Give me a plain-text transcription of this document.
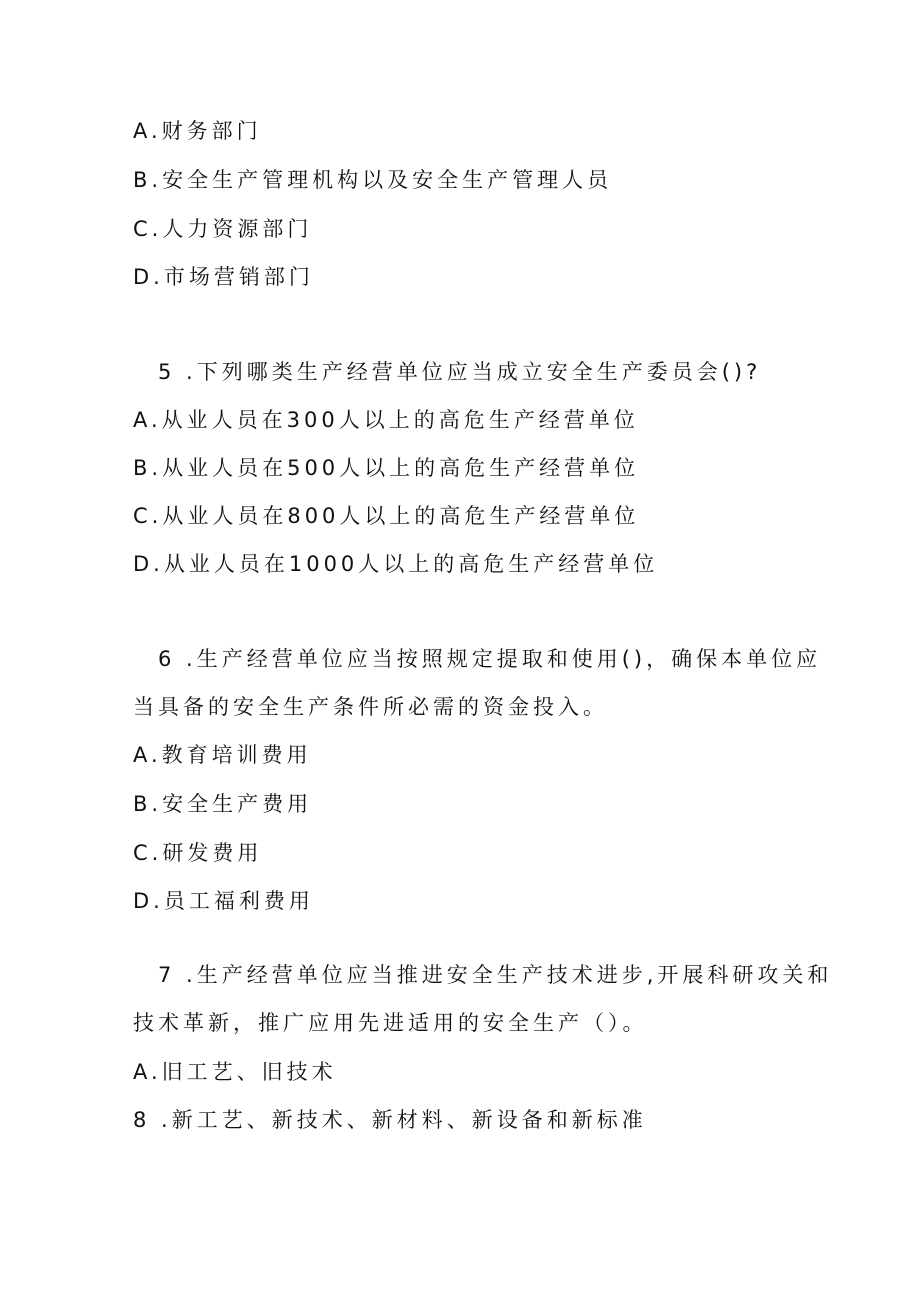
A.财务部门
B.安全生产管理机构以及安全生产管理人员
C.人力资源部门
D.市场营销部门
5 .下列哪类生产经营单位应当成立安全生产委员会()?
A.从业人员在300人以上的高危生产经营单位
B.从业人员在500人以上的高危生产经营单位
C.从业人员在800人以上的高危生产经营单位
D.从业人员在1000人以上的高危生产经营单位
6 .生产经营单位应当按照规定提取和使用()，确保本单位应
当具备的安全生产条件所必需的资金投入。
A.教育培训费用
B.安全生产费用
C.研发费用
D.员工福利费用
7 .生产经营单位应当推进安全生产技术进步,开展科研攻关和
技术革新，推广应用先进适用的安全生产（）。
A.旧工艺、旧技术
8 .新工艺、新技术、新材料、新设备和新标准
